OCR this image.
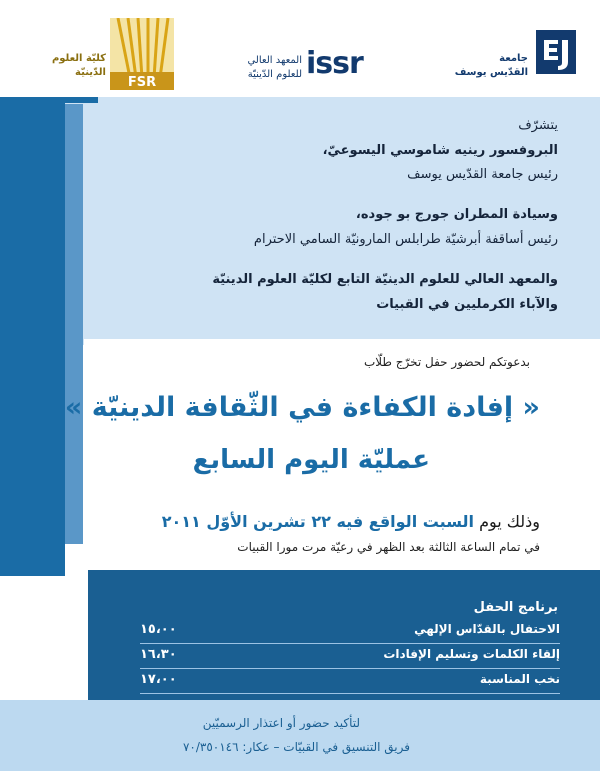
جامعة
القدّيس يوسف
issr
المعهد العالي
للعلوم الدّينيّة
FSR
كليّة العلوم
الدّينيّة
يتشرّف
البروفسور رينيه شاموسي اليسوعيّ،
رئيس جامعة القدّيس يوسف
وسيادة المطران جورج بو جوده،
رئيس أساقفة أبرشيّة طرابلس المارونيّة السامي الاحترام
والمعهد العالي للعلوم الدينيّة التابع لكليّة العلوم الدينيّة
والآباء الكرمليين في القبيات
بدعوتكم لحضور حفل تخرّج طلّاب
« إفادة الكفاءة في الثّقافة الدينيّة »
عمليّة اليوم السابع
وذلك يوم السبت الواقع فيه ٢٢ تشرين الأوّل ٢٠١١
في تمام الساعة الثالثة بعد الظهر في رعيّة مرت مورا القبيات
برنامج الحفل
الاحتفال بالقدّاس الإلهي
١٥،٠٠
إلقاء الكلمات وتسليم الإفادات
١٦،٣٠
نخب المناسبة
١٧،٠٠
لتأكيد حضور أو اعتذار الرسميّين
فريق التنسيق في القبيّات – عكار: ٧٠/٣٥٠١٤٦
